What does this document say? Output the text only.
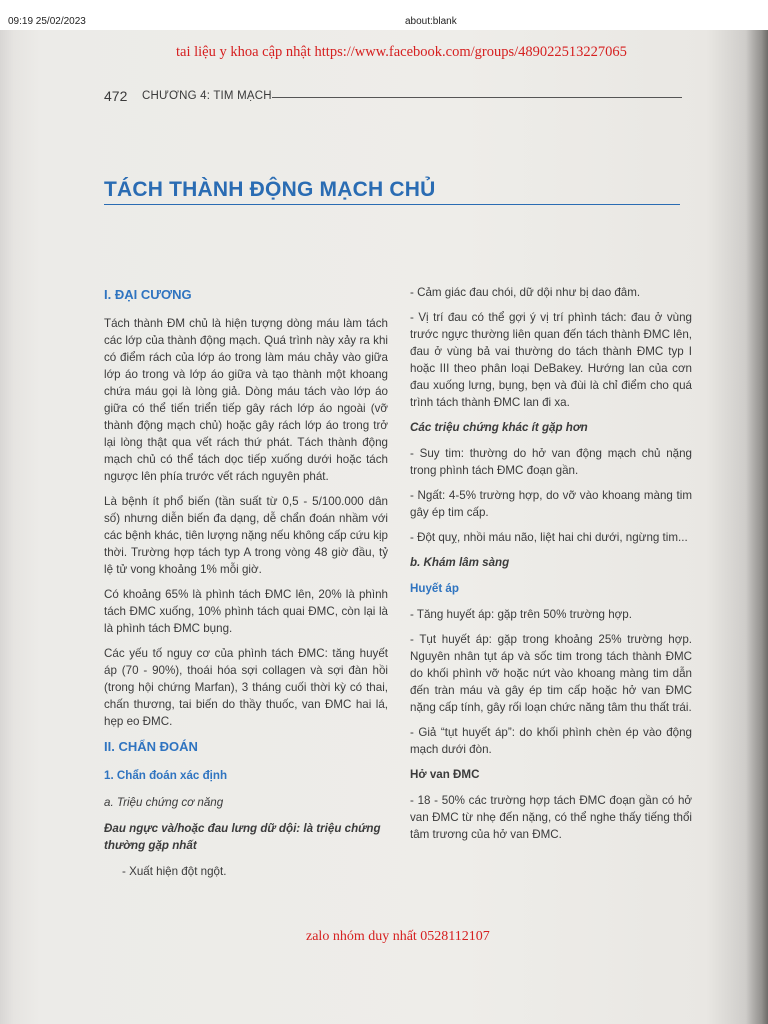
09:19 25/02/2023	about:blank
tai liệu y khoa cập nhật https://www.facebook.com/groups/489022513227065
472 CHƯƠNG 4: TIM MẠCH
TÁCH THÀNH ĐỘNG MẠCH CHỦ
I. ĐẠI CƯƠNG

Tách thành ĐM chủ là hiện tượng dòng máu làm tách các lớp của thành động mạch. Quá trình này xảy ra khi có điểm rách của lớp áo trong làm máu chảy vào giữa lớp áo trong và lớp áo giữa và tạo thành một khoang chứa máu gọi là lòng giả. Dòng máu tách vào lớp áo giữa có thể tiến triển tiếp gây rách lớp áo ngoài (vỡ thành động mạch chủ) hoặc gây rách lớp áo trong trở lại lòng thật qua vết rách thứ phát. Tách thành động mạch chủ có thể tách dọc tiếp xuống dưới hoặc tách ngược lên phía trước vết rách nguyên phát.

Là bệnh ít phổ biến (tần suất từ 0,5 - 5/100.000 dân số) nhưng diễn biến đa dạng, dễ chẩn đoán nhầm với các bệnh khác, tiên lượng nặng nếu không cấp cứu kịp thời. Trường hợp tách typ A trong vòng 48 giờ đầu, tỷ lệ tử vong khoảng 1% mỗi giờ.

Có khoảng 65% là phình tách ĐMC lên, 20% là phình tách ĐMC xuống, 10% phình tách quai ĐMC, còn lại là là phình tách ĐMC bụng.

Các yếu tố nguy cơ của phình tách ĐMC: tăng huyết áp (70 - 90%), thoái hóa sợi collagen và sợi đàn hồi (trong hội chứng Marfan), 3 tháng cuối thời kỳ có thai, chấn thương, tai biến do thầy thuốc, van ĐMC hai lá, hẹp eo ĐMC.

II. CHẨN ĐOÁN
1. Chẩn đoán xác định
a. Triệu chứng cơ năng
Đau ngực và/hoặc đau lưng dữ dội: là triệu chứng thường gặp nhất
- Xuất hiện đột ngột.
- Cảm giác đau chói, dữ dội như bị dao đâm.
- Vị trí đau có thể gợi ý vị trí phình tách: đau ở vùng trước ngực thường liên quan đến tách thành ĐMC lên, đau ở vùng bả vai thường do tách thành ĐMC typ I hoặc III theo phân loại DeBakey. Hướng lan của cơn đau xuống lưng, bụng, bẹn và đùi là chỉ điểm cho quá trình tách thành ĐMC lan đi xa.
Các triệu chứng khác ít gặp hơn
- Suy tim: thường do hở van động mạch chủ nặng trong phình tách ĐMC đoạn gần.
- Ngất: 4-5% trường hợp, do vỡ vào khoang màng tim gây ép tim cấp.
- Đột quỵ, nhồi máu não, liệt hai chi dưới, ngừng tim...
b. Khám lâm sàng
Huyết áp
- Tăng huyết áp: gặp trên 50% trường hợp.
- Tụt huyết áp: gặp trong khoảng 25% trường hợp. Nguyên nhân tụt áp và sốc tim trong tách thành ĐMC do khối phình vỡ hoặc nứt vào khoang màng tim dẫn đến tràn máu và gây ép tim cấp hoặc hở van ĐMC nặng cấp tính, gây rối loạn chức năng tâm thu thất trái.
- Giả “tụt huyết áp”: do khối phình chèn ép vào động mạch dưới đòn.
Hở van ĐMC
- 18 - 50% các trường hợp tách ĐMC đoạn gần có hở van ĐMC từ nhẹ đến nặng, có thể nghe thấy tiếng thổi tâm trương của hở van ĐMC.
zalo nhóm duy nhất 0528112107
